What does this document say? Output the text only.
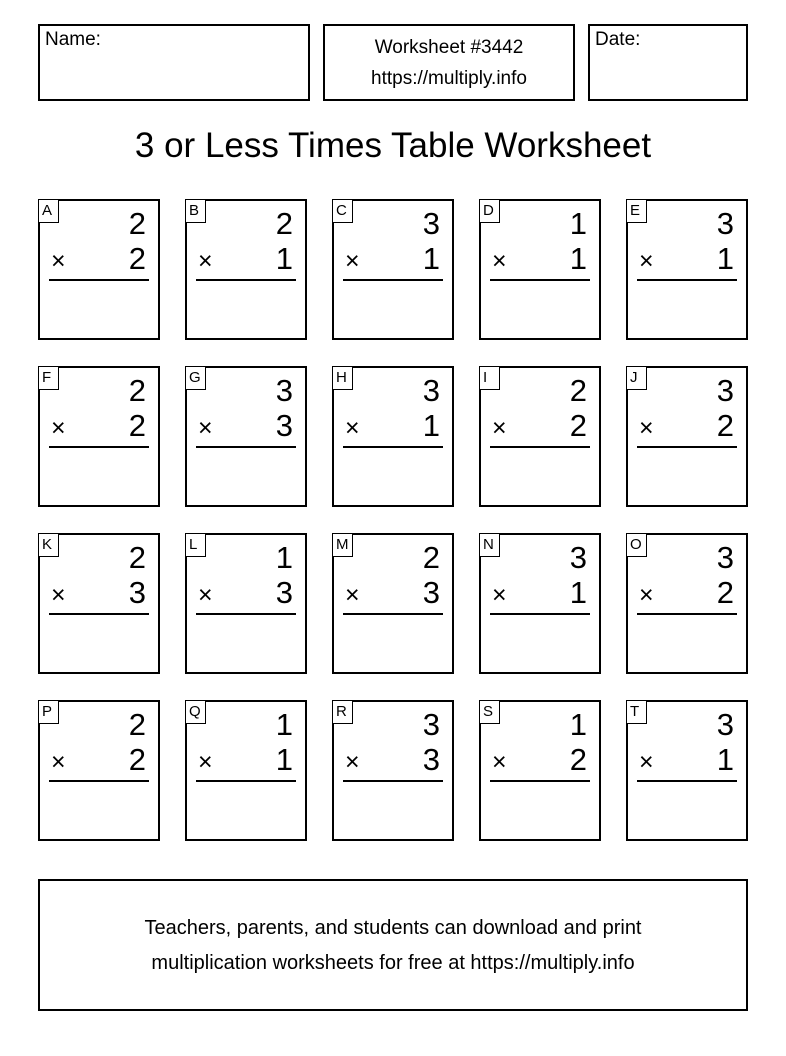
Name:	Worksheet #3442
https://multiply.info
Date:
3 or Less Times Table Worksheet
A 2
× 2
B 2
× 1
C 3
× 1
D 1
× 1
E 3
× 1
F	2
× 2
G 3
× 3
H 3
× 1
I	2
× 2
J	3
× 2
K 2
× 3
L	1
× 3
M 2
× 3
N 3
× 1
O 3
× 2
P 2
× 2
Q 1
× 1
R 3
× 3
S 1
× 2
T	3
× 1
Teachers, parents, and students can download and print
multiplication worksheets for free at https://multiply.info
